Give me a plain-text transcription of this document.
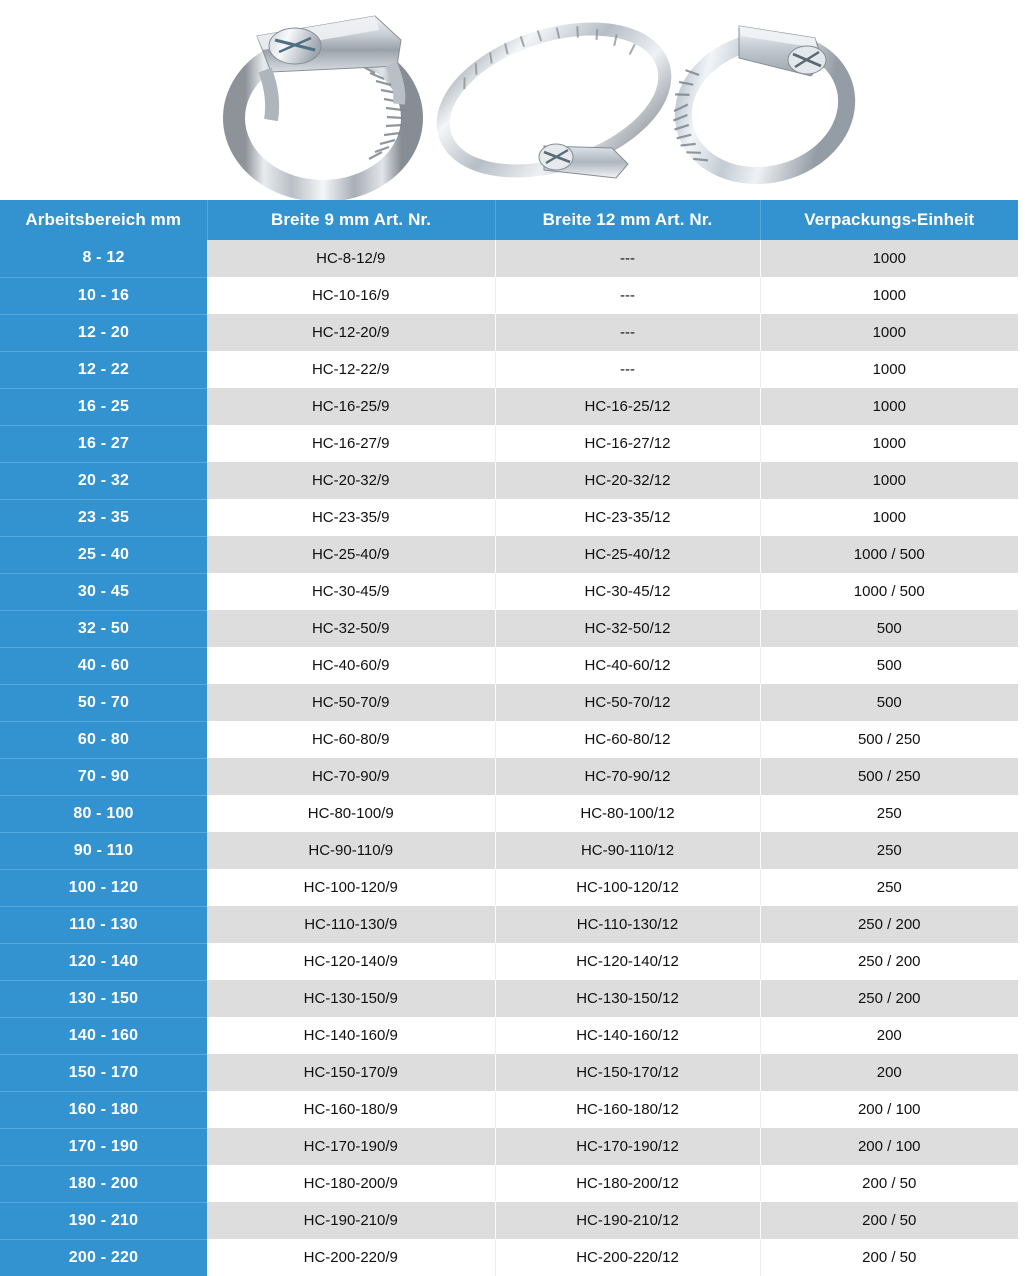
Arbeitsbereich mm	Breite 9 mm Art. Nr.	Breite 12 mm Art. Nr.	Verpackungs-Einheit
8 - 12	HC-8-12/9	---	1000
10 - 16	HC-10-16/9	---	1000
12 - 20	HC-12-20/9	---	1000
12 - 22	HC-12-22/9	---	1000
16 - 25	HC-16-25/9	HC-16-25/12	1000
16 - 27	HC-16-27/9	HC-16-27/12	1000
20 - 32	HC-20-32/9	HC-20-32/12	1000
23 - 35	HC-23-35/9	HC-23-35/12	1000
25 - 40	HC-25-40/9	HC-25-40/12	1000 / 500
30 - 45	HC-30-45/9	HC-30-45/12	1000 / 500
32 - 50	HC-32-50/9	HC-32-50/12	500
40 - 60	HC-40-60/9	HC-40-60/12	500
50 - 70	HC-50-70/9	HC-50-70/12	500
60 - 80	HC-60-80/9	HC-60-80/12	500 / 250
70 - 90	HC-70-90/9	HC-70-90/12	500 / 250
80 - 100	HC-80-100/9	HC-80-100/12	250
90 - 110	HC-90-110/9	HC-90-110/12	250
100 - 120	HC-100-120/9	HC-100-120/12	250
110 - 130	HC-110-130/9	HC-110-130/12	250 / 200
120 - 140	HC-120-140/9	HC-120-140/12	250 / 200
130 - 150	HC-130-150/9	HC-130-150/12	250 / 200
140 - 160	HC-140-160/9	HC-140-160/12	200
150 - 170	HC-150-170/9	HC-150-170/12	200
160 - 180	HC-160-180/9	HC-160-180/12	200 / 100
170 - 190	HC-170-190/9	HC-170-190/12	200 / 100
180 - 200	HC-180-200/9	HC-180-200/12	200 / 50
190 - 210	HC-190-210/9	HC-190-210/12	200 / 50
200 - 220	HC-200-220/9	HC-200-220/12	200 / 50
